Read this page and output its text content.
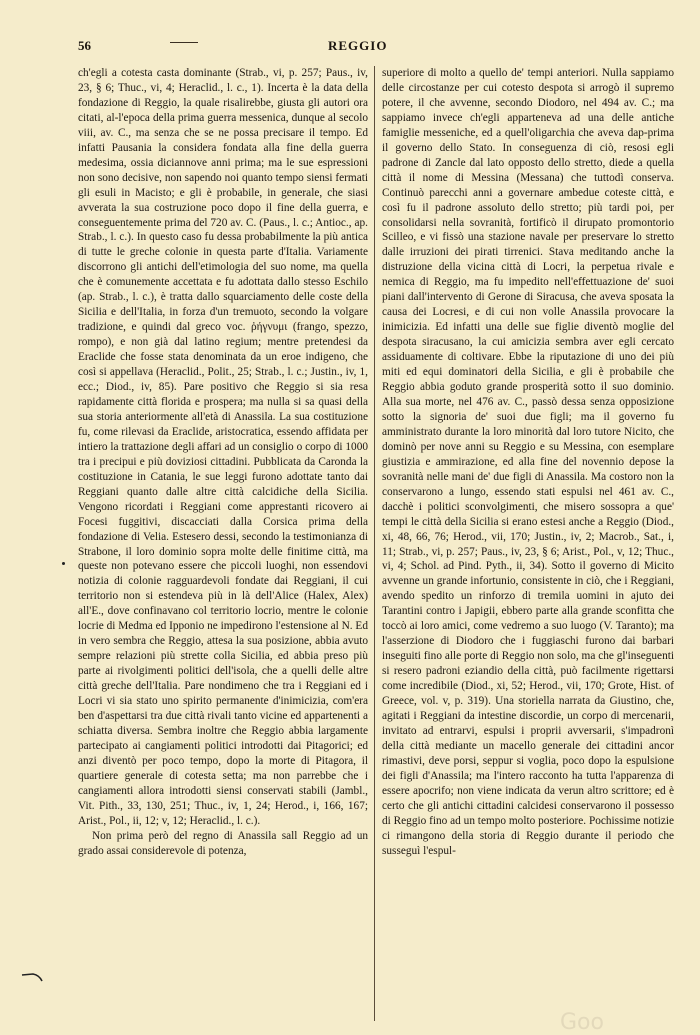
56	REGGIO

ch'egli a cotesta casta dominante (Strab., vi, p. 257; Paus., iv, 23, § 6; Thuc., vi, 4; Heraclid., l. c., 1). Incerta è la data della fondazione di Reggio, la quale risalirebbe, giusta gli autori ora citati, al-l'epoca della prima guerra messenica, dunque al secolo viii, av. C., ma senza che se ne possa precisare il tempo. Ed infatti Pausania la considera fondata alla fine della guerra medesima, ossia diciannove anni prima; ma le sue espressioni non sono decisive, non sapendo noi quanto tempo siensi fermati gli esuli in Macisto; e gli è probabile, in generale, che siasi avverata la sua costruzione poco dopo il fine della guerra, e conseguentemente prima del 720 av. C. (Paus., l. c.; Antioc., ap. Strab., l. c.). In questo caso fu dessa probabilmente la più antica di tutte le greche colonie in questa parte d'Italia. Variamente discorrono gli antichi dell'etimologia del suo nome, ma quella che è comunemente accettata e fu adottata dallo stesso Eschilo (ap. Strab., l. c.), è tratta dallo squarciamento delle coste della Sicilia e dell'Italia, in forza d'un tremuoto, secondo la volgare tradizione, e quindi dal greco voc. ῥήγνυμι (frango, spezzo, rompo), e non già dal latino regium; mentre pretendesi da Eraclide che fosse stata denominata da un eroe indigeno, che così si appellava (Heraclid., Polit., 25; Strab., l. c.; Justin., iv, 1, ecc.; Diod., iv, 85). Pare positivo che Reggio si sia resa rapidamente città florida e prospera; ma nulla si sa quasi della sua storia anteriormente all'età di Anassila. La sua costituzione fu, come rilevasi da Eraclide, aristocratica, essendo affidata per intiero la trattazione degli affari ad un consiglio o corpo di 1000 tra i precipui e più doviziosi cittadini. Pubblicata da Caronda la costituzione in Catania, le sue leggi furono adottate tanto dai Reggiani quanto dalle altre città calcidiche della Sicilia. Vengono ricordati i Reggiani come apprestanti ricovero ai Focesi fuggitivi, discacciati dalla Corsica prima della fondazione di Velia. Estesero dessi, secondo la testimonianza di Strabone, il loro dominio sopra molte delle finitime città, ma queste non potevano essere che piccoli luoghi, non essendovi notizia di colonie ragguardevoli fondate dai Reggiani, il cui territorio non si estendeva più in là dell'Alice (Halex, Alex) all'E., dove confinavano col territorio locrio, mentre le colonie locrie di Medma ed Ipponio ne impedirono l'estensione al N. Ed in vero sembra che Reggio, attesa la sua posizione, abbia avuto sempre relazioni più strette colla Sicilia, ed abbia preso più parte ai rivolgimenti politici dell'isola, che a quelli delle altre città greche dell'Italia. Pare nondimeno che tra i Reggiani ed i Locri vi sia stato uno spirito permanente d'inimicizia, com'era ben d'aspettarsi tra due città rivali tanto vicine ed appartenenti a schiatta diversa. Sembra inoltre che Reggio abbia largamente partecipato ai cangiamenti politici introdotti dai Pitagorici; ed anzi diventò per poco tempo, dopo la morte di Pitagora, il quartiere generale di cotesta setta; ma non parrebbe che i cangiamenti allora introdotti siensi conservati stabili (Jambl., Vit. Pith., 33, 130, 251; Thuc., iv, 1, 24; Herod., i, 166, 167; Arist., Pol., ii, 12; v, 12; Heraclid., l. c.).

Non prima però del regno di Anassila sall Reggio ad un grado assai considerevole di potenza,

superiore di molto a quello de' tempi anteriori. Nulla sappiamo delle circostanze per cui cotesto despota si arrogò il supremo potere, il che avvenne, secondo Diodoro, nel 494 av. C.; ma sappiamo invece ch'egli apparteneva ad una delle antiche famiglie messeniche, ed a quell'oligarchia che aveva dap-prima il governo dello Stato. In conseguenza di ciò, resosi egli padrone di Zancle dal lato opposto dello stretto, diede a quella città il nome di Messina (Messana) che tuttodì conserva. Continuò parecchi anni a governare ambedue coteste città, e così fu il padrone assoluto dello stretto; più tardi poi, per consolidarsi nella sovranità, fortificò il dirupato promontorio Scilleo, e vi fissò una stazione navale per preservare lo stretto dalle irruzioni dei pirati tirrenici. Stava meditando anche la distruzione della vicina città di Locri, la perpetua rivale e nemica di Reggio, ma fu impedito nell'effettuazione de' suoi piani dall'intervento di Gerone di Siracusa, che aveva sposata la causa dei Locresi, e di cui non volle Anassila provocare la inimicizia. Ed infatti una delle sue figlie diventò moglie del despota siracusano, la cui amicizia sembra aver egli cercato assiduamente di coltivare. Ebbe la riputazione di uno dei più miti ed equi dominatori della Sicilia, e gli è probabile che Reggio abbia goduto grande prosperità sotto il suo dominio. Alla sua morte, nel 476 av. C., passò dessa senza opposizione sotto la signoria de' suoi due figli; ma il governo fu amministrato durante la loro minorità dal loro tutore Nicito, che dominò per nove anni su Reggio e su Messina, con esemplare giustizia e ammirazione, ed alla fine del novennio depose la sovranità nelle mani de' due figli di Anassila. Ma costoro non la conservarono a lungo, essendo stati espulsi nel 461 av. C., dacchè i politici sconvolgimenti, che misero sossopra a que' tempi le città della Sicilia si erano estesi anche a Reggio (Diod., xi, 48, 66, 76; Herod., vii, 170; Justin., iv, 2; Macrob., Sat., i, 11; Strab., vi, p. 257; Paus., iv, 23, § 6; Arist., Pol., v, 12; Thuc., vi, 4; Schol. ad Pind. Pyth., ii, 34). Sotto il governo di Micito avvenne un grande infortunio, consistente in ciò, che i Reggiani, avendo spedito un rinforzo di tremila uomini in ajuto dei Tarantini contro i Japigii, ebbero parte alla grande sconfitta che toccò ai loro amici, come vedremo a suo luogo (V. Taranto); ma l'asserzione di Diodoro che i fuggiaschi furono dai barbari inseguiti fino alle porte di Reggio non solo, ma che gl'inseguenti si resero padroni eziandio della città, può facilmente rigettarsi come incredibile (Diod., xi, 52; Herod., vii, 170; Grote, Hist. of Greece, vol. v, p. 319). Una storiella narrata da Giustino, che, agitati i Reggiani da intestine discordie, un corpo di mercenarii, invitato ad entrarvi, espulsi i proprii avversarii, s'impadronì della città mediante un macello generale dei cittadini ancor rimastivi, deve porsi, seppur si voglia, poco dopo la espulsione dei figli d'Anassila; ma l'intero racconto ha tutta l'apparenza di essere apocrifo; non viene indicata da verun altro scrittore; ed è certo che gli antichi cittadini calcidesi conservarono il possesso di Reggio fino ad un tempo molto posteriore. Pochissime notizie ci rimangono della storia di Reggio durante il periodo che susseguì l'espul-

Goo
